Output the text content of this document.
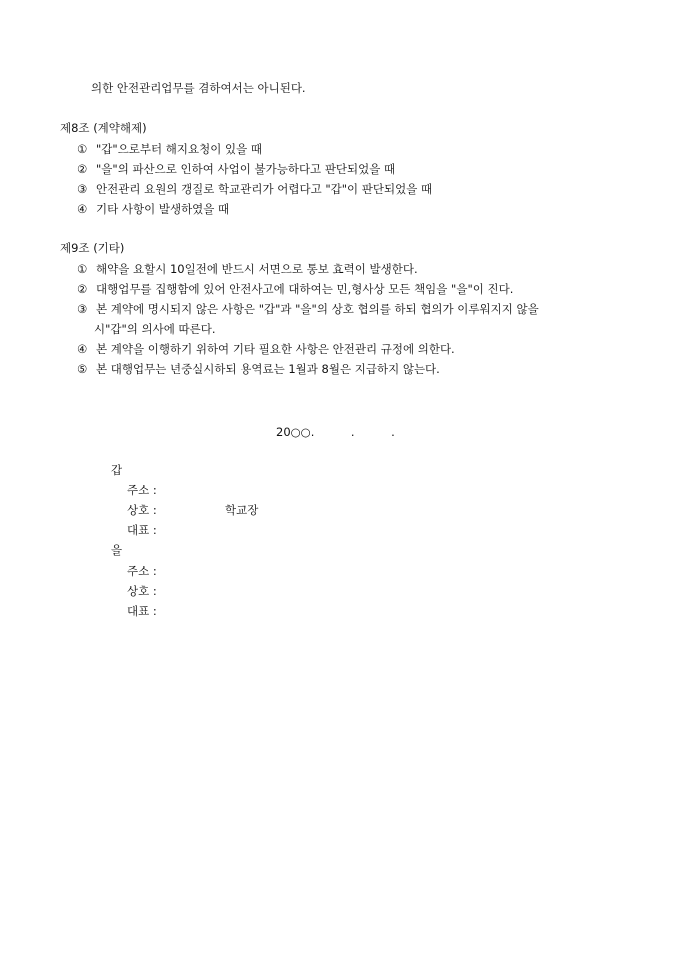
의한 안전관리업무를 겸하여서는 아니된다.
제8조 (계약해제)
① "갑"으로부터 해지요청이 있을 때
② "을"의 파산으로 인하여 사업이 불가능하다고 판단되었을 때
③ 안전관리 요원의 갱질로 학교관리가 어렵다고 "갑"이 판단되었을 때
④ 기타 사항이 발생하였을 때
제9조 (기타)
① 해약을 요할시 10일전에 반드시 서면으로 통보 효력이 발생한다.
② 대행업무를 집행함에 있어 안전사고에 대하여는 민,형사상 모든 책임을 "을"이 진다.
③ 본 계약에 명시되지 않은 사항은 "갑"과 "을"의 상호 협의를 하되 협의가 이루워지지 않을
시"갑"의 의사에 따른다.
④ 본 계약을 이행하기 위하여 기타 필요한 사항은 안전관리 규정에 의한다.
⑤ 본 대행업무는 년중실시하되 용역료는 1월과 8월은 지급하지 않는다.
20○○.          .          .
갑
주소 :
상호 :	학교장
대표 :
을
주소 :
상호 :
대표 :
